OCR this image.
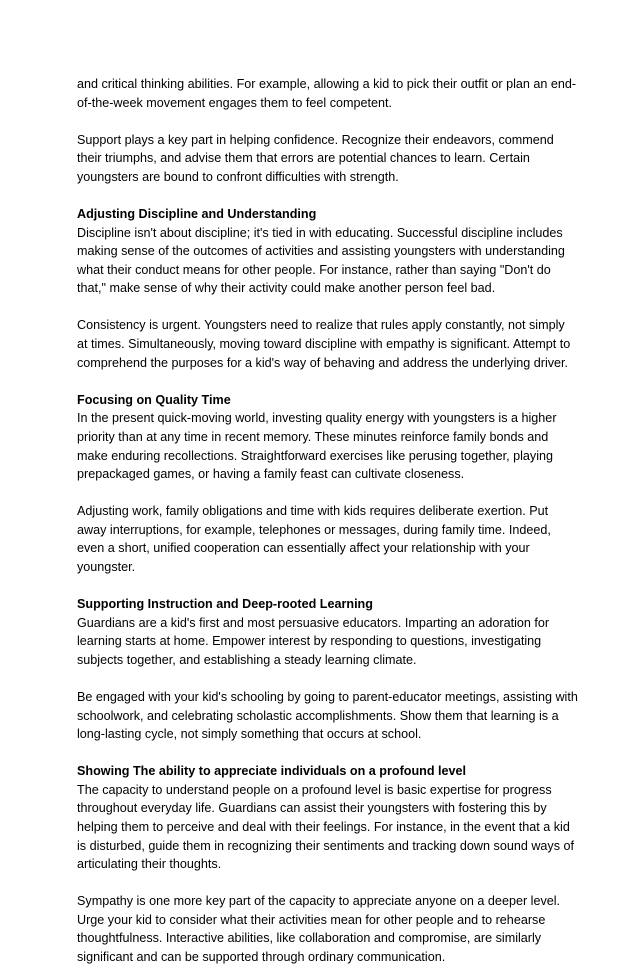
and critical thinking abilities. For example, allowing a kid to pick their outfit or plan an end-of-the-week movement engages them to feel competent.

Support plays a key part in helping confidence. Recognize their endeavors, commend their triumphs, and advise them that errors are potential chances to learn. Certain youngsters are bound to confront difficulties with strength.

Adjusting Discipline and Understanding

Discipline isn't about discipline; it's tied in with educating. Successful discipline includes making sense of the outcomes of activities and assisting youngsters with understanding what their conduct means for other people. For instance, rather than saying "Don't do that," make sense of why their activity could make another person feel bad.

Consistency is urgent. Youngsters need to realize that rules apply constantly, not simply at times. Simultaneously, moving toward discipline with empathy is significant. Attempt to comprehend the purposes for a kid's way of behaving and address the underlying driver.

Focusing on Quality Time

In the present quick-moving world, investing quality energy with youngsters is a higher priority than at any time in recent memory. These minutes reinforce family bonds and make enduring recollections. Straightforward exercises like perusing together, playing prepackaged games, or having a family feast can cultivate closeness.

Adjusting work, family obligations and time with kids requires deliberate exertion. Put away interruptions, for example, telephones or messages, during family time. Indeed, even a short, unified cooperation can essentially affect your relationship with your youngster.

Supporting Instruction and Deep-rooted Learning

Guardians are a kid's first and most persuasive educators. Imparting an adoration for learning starts at home. Empower interest by responding to questions, investigating subjects together, and establishing a steady learning climate.

Be engaged with your kid's schooling by going to parent-educator meetings, assisting with schoolwork, and celebrating scholastic accomplishments. Show them that learning is a long-lasting cycle, not simply something that occurs at school.

Showing The ability to appreciate individuals on a profound level

The capacity to understand people on a profound level is basic expertise for progress throughout everyday life. Guardians can assist their youngsters with fostering this by helping them to perceive and deal with their feelings. For instance, in the event that a kid is disturbed, guide them in recognizing their sentiments and tracking down sound ways of articulating their thoughts.

Sympathy is one more key part of the capacity to appreciate anyone on a deeper level. Urge your kid to consider what their activities mean for other people and to rehearse thoughtfulness. Interactive abilities, like collaboration and compromise, are similarly significant and can be supported through ordinary communication.
